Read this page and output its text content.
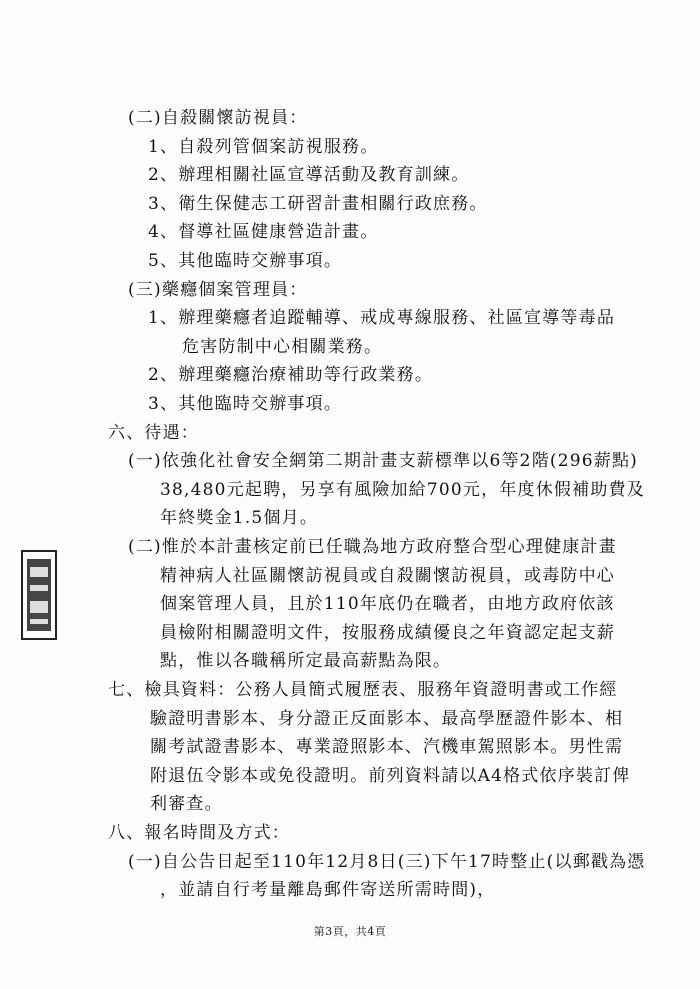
(二)自殺關懷訪視員：
1、自殺列管個案訪視服務。
2、辦理相關社區宣導活動及教育訓練。
3、衛生保健志工研習計畫相關行政庶務。
4、督導社區健康營造計畫。
5、其他臨時交辦事項。
(三)藥癮個案管理員：
1、辦理藥癮者追蹤輔導、戒成專線服務、社區宣導等毒品
危害防制中心相關業務。
2、辦理藥癮治療補助等行政業務。
3、其他臨時交辦事項。
六、待遇：
(一)依強化社會安全網第二期計畫支薪標準以6等2階(296薪點)
38,480元起聘，另享有風險加給700元，年度休假補助費及
年終獎金1.5個月。
(二)惟於本計畫核定前已任職為地方政府整合型心理健康計畫
精神病人社區關懷訪視員或自殺關懷訪視員，或毒防中心
個案管理人員，且於110年底仍在職者，由地方政府依該
員檢附相關證明文件，按服務成績優良之年資認定起支薪
點，惟以各職稱所定最高薪點為限。
七、檢具資料：公務人員簡式履歷表、服務年資證明書或工作經
驗證明書影本、身分證正反面影本、最高學歷證件影本、相
關考試證書影本、專業證照影本、汽機車駕照影本。男性需
第3頁，共4頁
附退伍令影本或免役證明。前列資料請以A4格式依序裝訂俾
利審查。
八、報名時間及方式：
(一)自公告日起至110年12月8日(三)下午17時整止(以郵戳為憑
，並請自行考量離島郵件寄送所需時間)，
